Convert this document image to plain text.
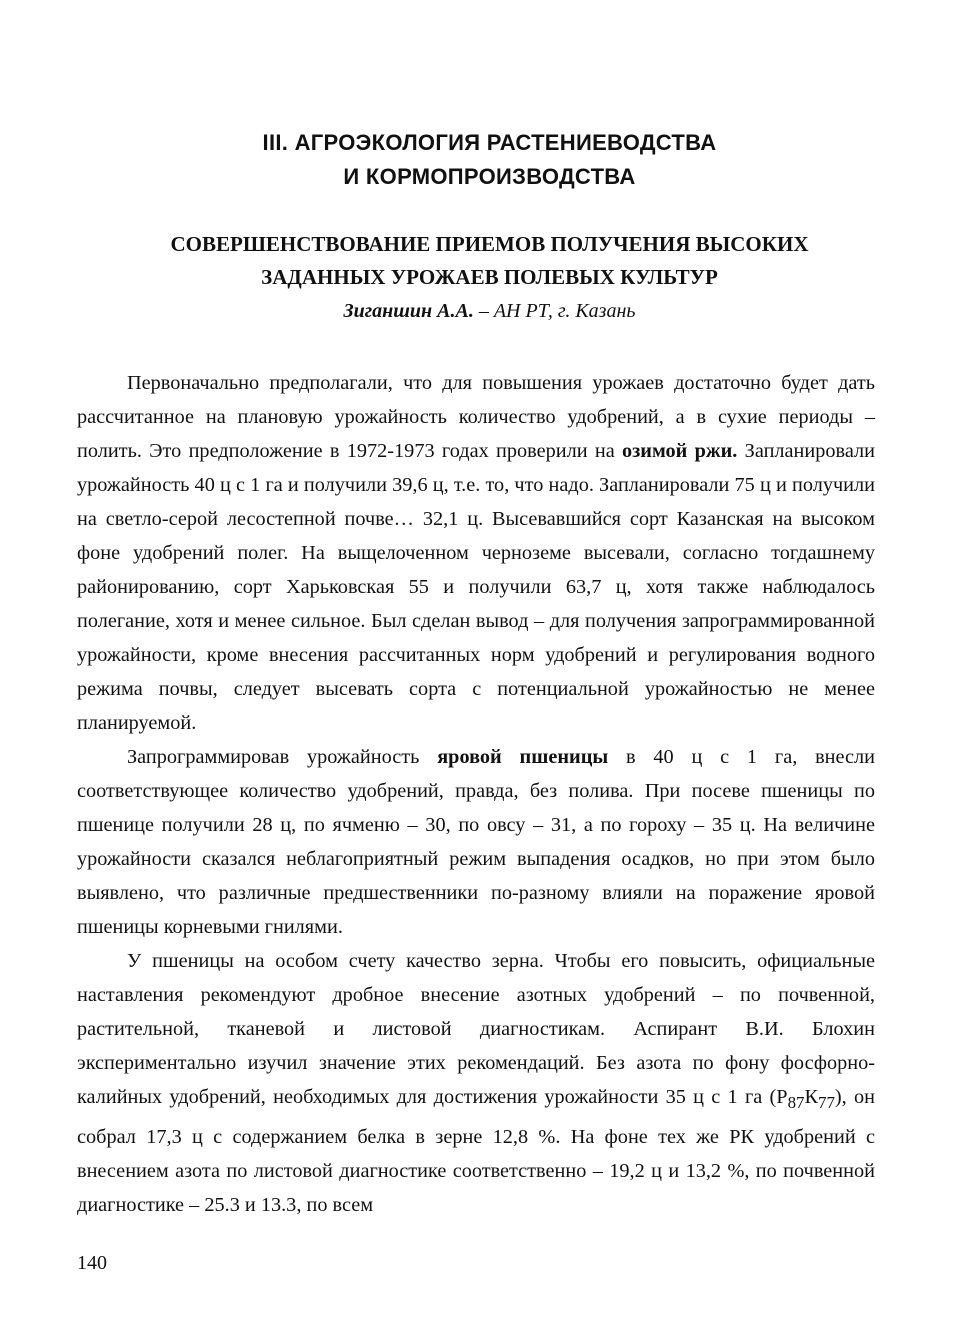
III. АГРОЭКОЛОГИЯ РАСТЕНИЕВОДСТВА
И КОРМОПРОИЗВОДСТВА
СОВЕРШЕНСТВОВАНИЕ ПРИЕМОВ ПОЛУЧЕНИЯ ВЫСОКИХ
ЗАДАННЫХ УРОЖАЕВ ПОЛЕВЫХ КУЛЬТУР
Зиганшин А.А. – АН РТ, г. Казань

Первоначально предполагали, что для повышения урожаев достаточно будет дать рассчитанное на плановую урожайность количество удобрений, а в сухие периоды – полить. Это предположение в 1972-1973 годах проверили на озимой ржи. Запланировали урожайность 40 ц с 1 га и получили 39,6 ц, т.е. то, что надо. Запланировали 75 ц и получили на светло-серой лесостепной почве… 32,1 ц. Высевавшийся сорт Казанская на высоком фоне удобрений полег. На выщелоченном черноземе высевали, согласно тогдашнему районированию, сорт Харьковская 55 и получили 63,7 ц, хотя также наблюдалось полегание, хотя и менее сильное. Был сделан вывод – для получения запрограммированной урожайности, кроме внесения рассчитанных норм удобрений и регулирования водного режима почвы, следует высевать сорта с потенциальной урожайностью не менее планируемой.

Запрограммировав урожайность яровой пшеницы в 40 ц с 1 га, внесли соответствующее количество удобрений, правда, без полива. При посеве пшеницы по пшенице получили 28 ц, по ячменю – 30, по овсу – 31, а по гороху – 35 ц. На величине урожайности сказался неблагоприятный режим выпадения осадков, но при этом было выявлено, что различные предшественники по-разному влияли на поражение яровой пшеницы корневыми гнилями.

У пшеницы на особом счету качество зерна. Чтобы его повысить, официальные наставления рекомендуют дробное внесение азотных удобрений – по почвенной, растительной, тканевой и листовой диагностикам. Аспирант В.И. Блохин экспериментально изучил значение этих рекомендаций. Без азота по фону фосфорно-калийных удобрений, необходимых для достижения урожайности 35 ц с 1 га $(Р_{87}К_{77})$, он собрал 17,3 ц с содержанием белка в зерне 12,8 %. На фоне тех же РК удобрений с внесением азота по листовой диагностике соответственно – 19,2 ц и 13,2 %, по почвенной диагностике – 25.3 и 13.3, по всем

140
